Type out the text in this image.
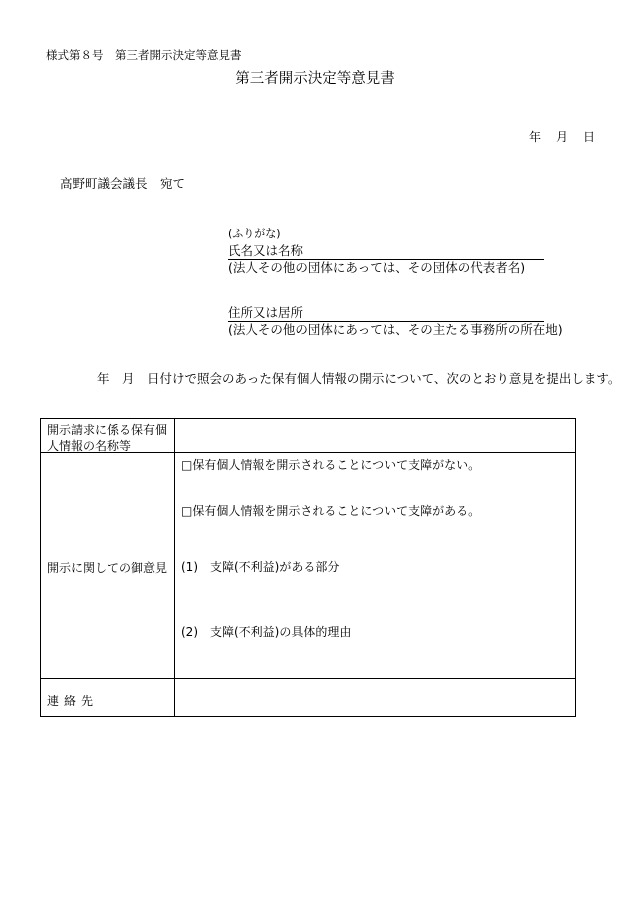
様式第８号　第三者開示決定等意見書
第三者開示決定等意見書
年 月 日
高野町議会議長　宛て
(ふりがな)
氏名又は名称
(法人その他の団体にあっては、その団体の代表者名)
住所又は居所
(法人その他の団体にあっては、その主たる事務所の所在地)
年　月　日付けで照会のあった保有個人情報の開示について、次のとおり意見を提出します。
開示請求に係る保有個
人情報の名称等
開示に関しての御意見
連絡先
□保有個人情報を開示されることについて支障がない。
□保有個人情報を開示されることについて支障がある。
(1)　支障(不利益)がある部分
(2)　支障(不利益)の具体的理由
